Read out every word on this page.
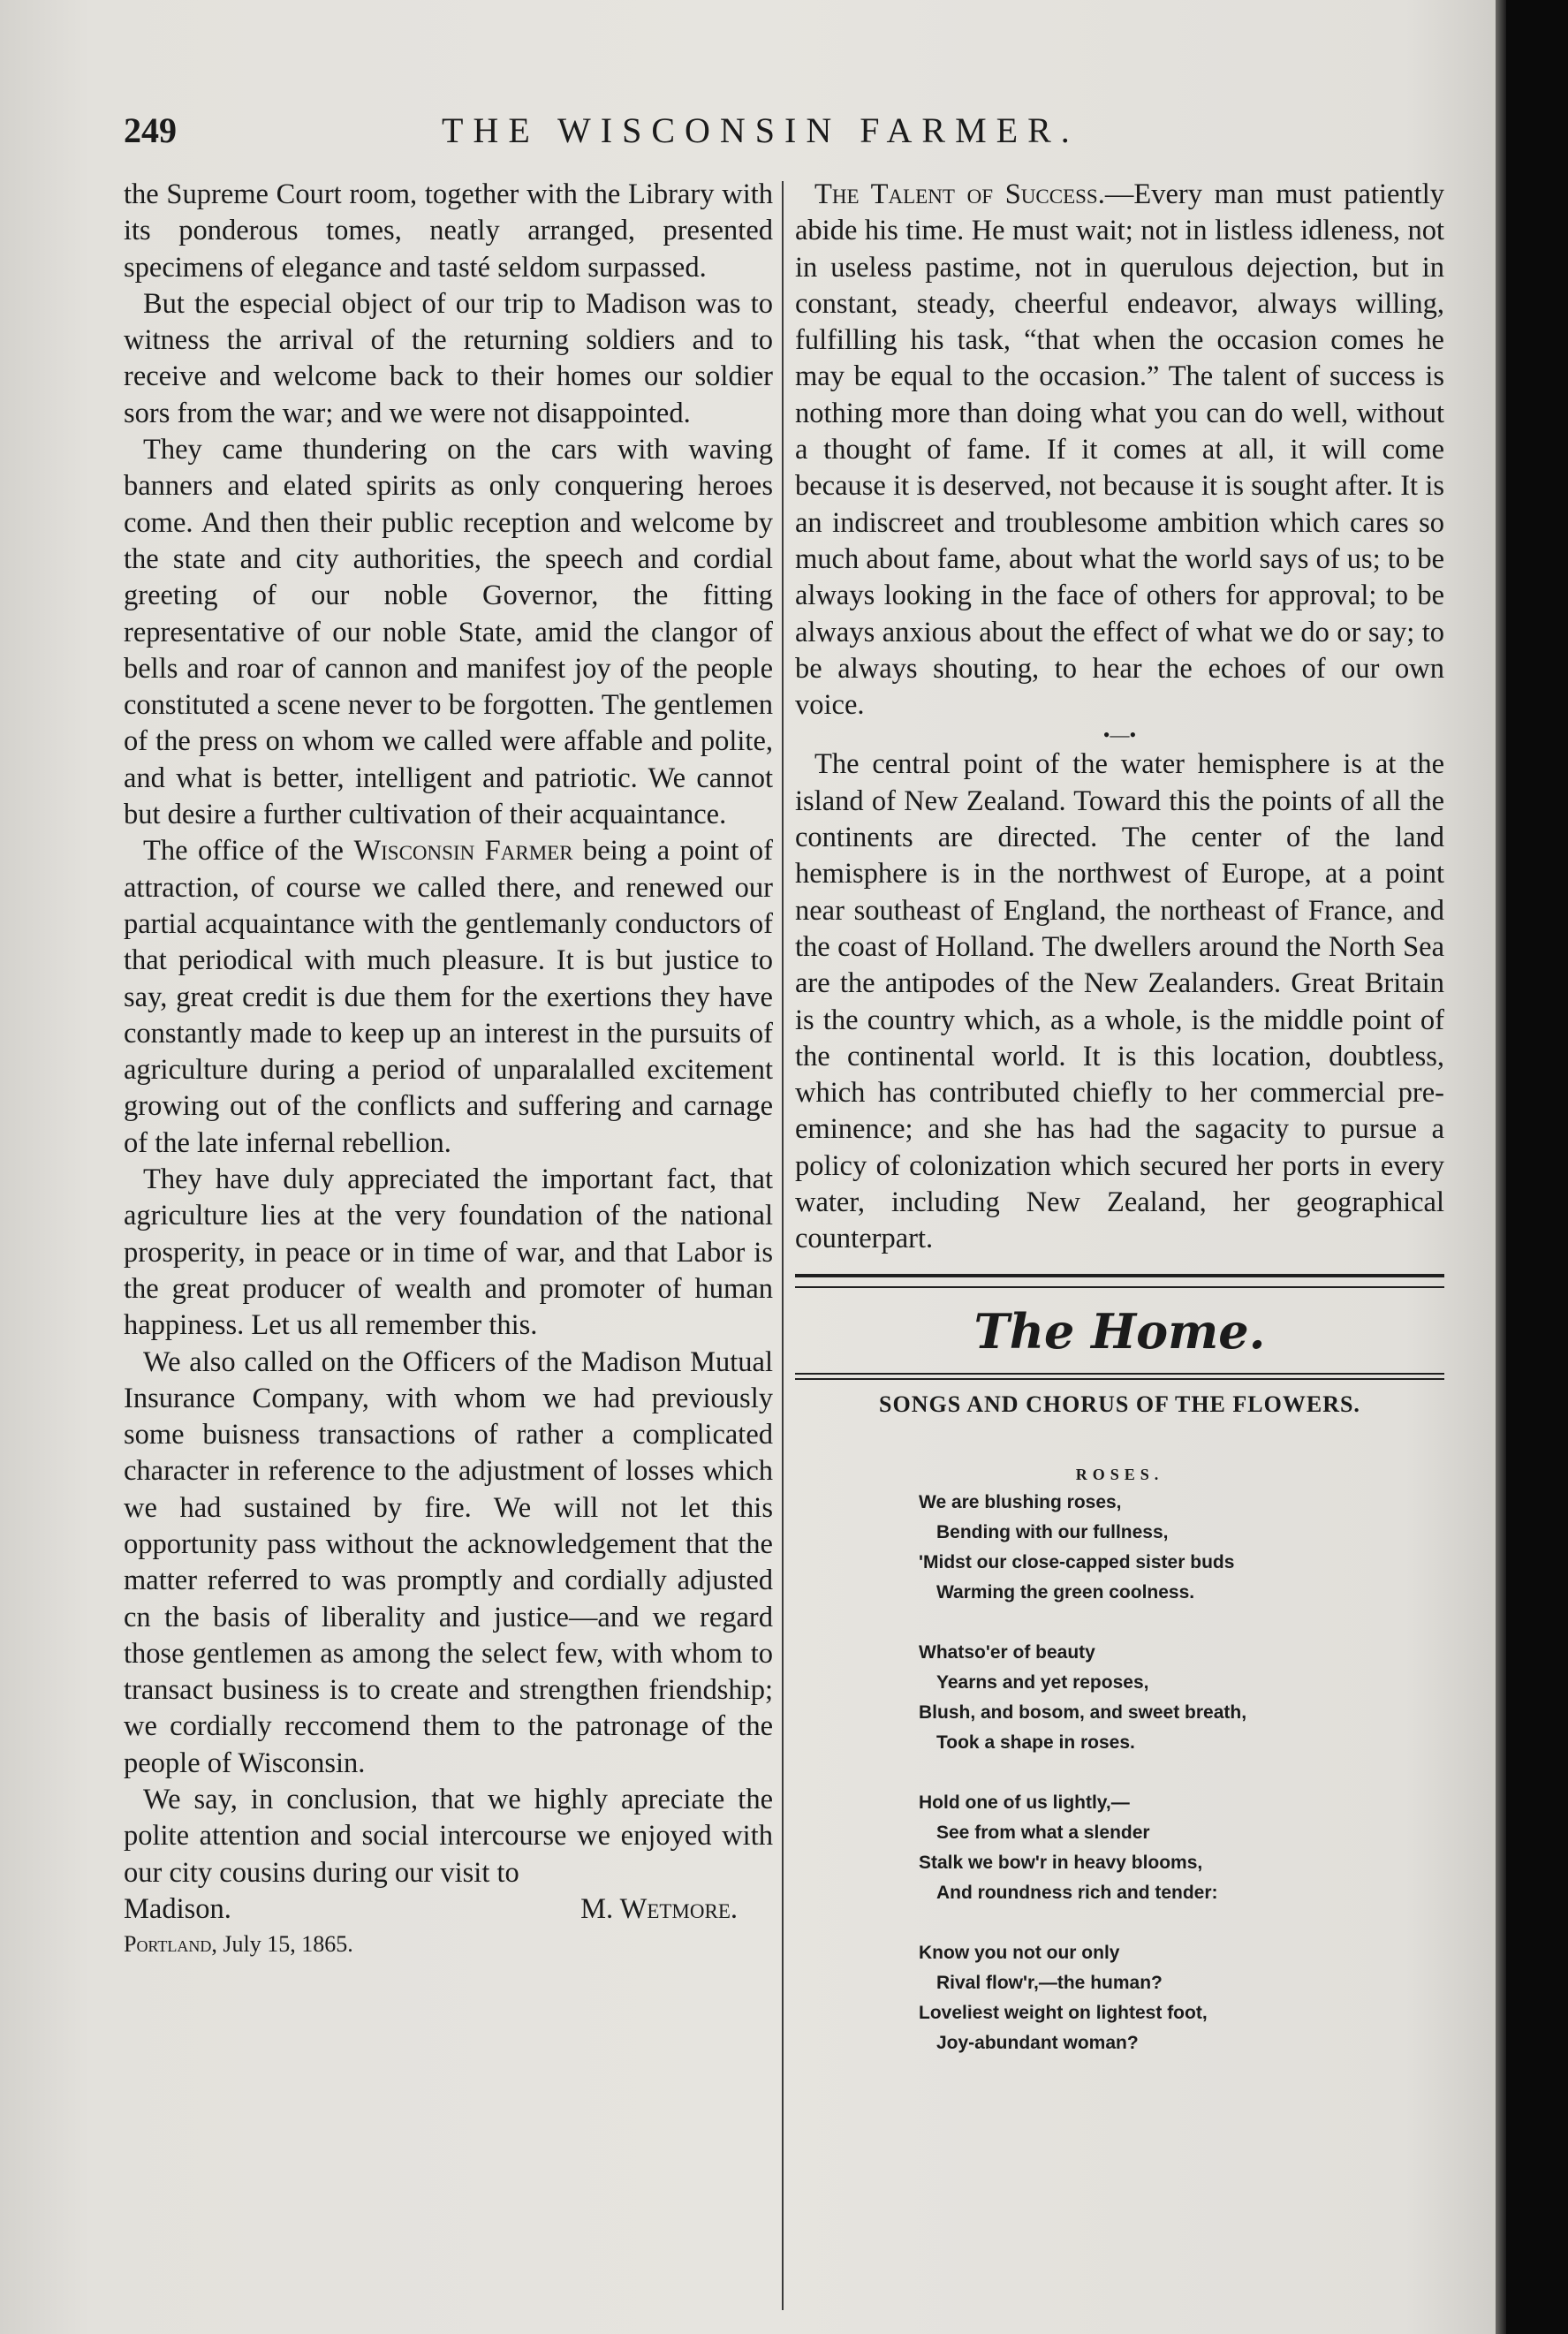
249	THE WISCONSIN FARMER.

the Supreme Court room, together with the Library with its ponderous tomes, neatly arranged, presented specimens of elegance and tasté seldom surpassed.

But the especial object of our trip to Madison was to witness the arrival of the returning soldiers and to receive and welcome back to their homes our soldier sors from the war; and we were not disappointed.

They came thundering on the cars with waving banners and elated spirits as only conquering heroes come. And then their public reception and welcome by the state and city authorities, the speech and cordial greeting of our noble Governor, the fitting representative of our noble State, amid the clangor of bells and roar of cannon and manifest joy of the people constituted a scene never to be forgotten. The gentlemen of the press on whom we called were affable and polite, and what is better, intelligent and patriotic. We cannot but desire a further cultivation of their acquaintance.

The office of the Wisconsin Farmer being a point of attraction, of course we called there, and renewed our partial acquaintance with the gentlemanly conductors of that periodical with much pleasure. It is but justice to say, great credit is due them for the exertions they have constantly made to keep up an interest in the pursuits of agriculture during a period of unparalalled excitement growing out of the conflicts and suffering and carnage of the late infernal rebellion.

They have duly appreciated the important fact, that agriculture lies at the very foundation of the national prosperity, in peace or in time of war, and that Labor is the great producer of wealth and promoter of human happiness. Let us all remember this.

We also called on the Officers of the Madison Mutual Insurance Company, with whom we had previously some buisness transactions of rather a complicated character in reference to the adjustment of losses which we had sustained by fire. We will not let this opportunity pass without the acknowledgement that the matter referred to was promptly and cordially adjusted cn the basis of liberality and justice—and we regard those gentlemen as among the select few, with whom to transact business is to create and strengthen friendship; we cordially reccomend them to the patronage of the people of Wisconsin.

We say, in conclusion, that we highly apreciate the polite attention and social intercourse we enjoyed with our city cousins during our visit to

Madison.	M. Wetmore.
Portland, July 15, 1865.

The Talent of Success.—Every man must patiently abide his time. He must wait; not in listless idleness, not in useless pastime, not in querulous dejection, but in constant, steady, cheerful endeavor, always willing, fulfilling his task, “that when the occasion comes he may be equal to the occasion.” The talent of success is nothing more than doing what you can do well, without a thought of fame. If it comes at all, it will come because it is deserved, not because it is sought after. It is an indiscreet and troublesome ambition which cares so much about fame, about what the world says of us; to be always looking in the face of others for approval; to be always anxious about the effect of what we do or say; to be always shouting, to hear the echoes of our own voice.

•—•

The central point of the water hemisphere is at the island of New Zealand. Toward this the points of all the continents are directed. The center of the land hemisphere is in the northwest of Europe, at a point near southeast of England, the northeast of France, and the coast of Holland. The dwellers around the North Sea are the antipodes of the New Zealanders. Great Britain is the country which, as a whole, is the middle point of the continental world. It is this location, doubtless, which has contributed chiefly to her commercial pre-eminence; and she has had the sagacity to pursue a policy of colonization which secured her ports in every water, including New Zealand, her geographical counterpart.

The Home.
SONGS AND CHORUS OF THE FLOWERS.
ROSES.
We are blushing roses,
Bending with our fullness,
'Midst our close-capped sister buds
Warming the green coolness.
Whatso'er of beauty
Yearns and yet reposes,
Blush, and bosom, and sweet breath,
Took a shape in roses.
Hold one of us lightly,—
See from what a slender
Stalk we bow'r in heavy blooms,
And roundness rich and tender:
Know you not our only
Rival flow'r,—the human?
Loveliest weight on lightest foot,
Joy-abundant woman?
